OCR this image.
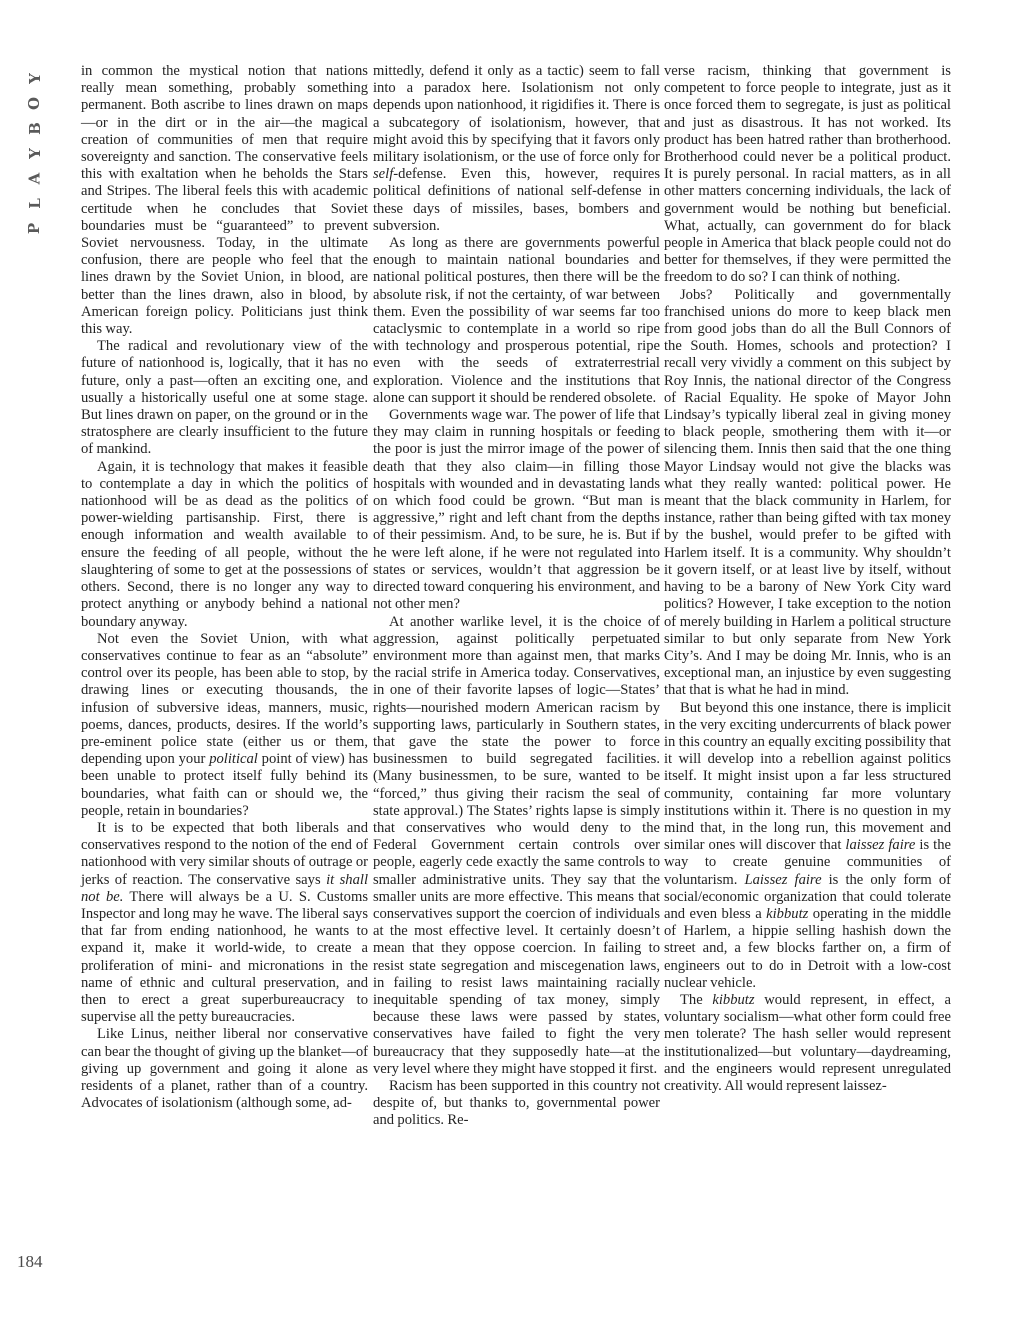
Y
O
B
Y
A
L
P
184

in common the mystical notion that nations really mean something, probably something permanent. Both ascribe to lines drawn on maps—or in the dirt or in the air—the magical creation of communities of men that require sovereignty and sanction. The conservative feels this with exaltation when he beholds the Stars and Stripes. The liberal feels this with academic certitude when he concludes that Soviet boundaries must be “guaranteed” to prevent Soviet nervousness. Today, in the ultimate confusion, there are people who feel that the lines drawn by the Soviet Union, in blood, are better than the lines drawn, also in blood, by American foreign policy. Politicians just think this way.

The radical and revolutionary view of the future of nationhood is, logically, that it has no future, only a past—often an exciting one, and usually a historically useful one at some stage. But lines drawn on paper, on the ground or in the stratosphere are clearly insufficient to the future of mankind.

Again, it is technology that makes it feasible to contemplate a day in which the politics of nationhood will be as dead as the politics of power-wielding partisanship. First, there is enough information and wealth available to ensure the feeding of all people, without the slaughtering of some to get at the possessions of others. Second, there is no longer any way to protect anything or anybody behind a national boundary anyway.

Not even the Soviet Union, with what conservatives continue to fear as an “absolute” control over its people, has been able to stop, by drawing lines or executing thousands, the infusion of subversive ideas, manners, music, poems, dances, products, desires. If the world’s pre-eminent police state (either us or them, depending upon your political point of view) has been unable to protect itself fully behind its boundaries, what faith can or should we, the people, retain in boundaries?

It is to be expected that both liberals and conservatives respond to the notion of the end of nationhood with very similar shouts of outrage or jerks of reaction. The conservative says it shall not be. There will always be a U. S. Customs Inspector and long may he wave. The liberal says that far from ending nationhood, he wants to expand it, make it world-wide, to create a proliferation of mini- and micronations in the name of ethnic and cultural preservation, and then to erect a great superbureaucracy to supervise all the petty bureaucracies.

Like Linus, neither liberal nor conservative can bear the thought of giving up the blanket—of giving up government and going it alone as residents of a planet, rather than of a country. Advocates of isolationism (although some, ad-

mittedly, defend it only as a tactic) seem to fall into a paradox here. Isolationism not only depends upon nationhood, it rigidifies it. There is a subcategory of isolationism, however, that might avoid this by specifying that it favors only military isolationism, or the use of force only for self-defense. Even this, however, requires political definitions of national self-defense in these days of missiles, bases, bombers and subversion.

As long as there are governments powerful enough to maintain national boundaries and national political postures, then there will be the absolute risk, if not the certainty, of war between them. Even the possibility of war seems far too cataclysmic to contemplate in a world so ripe with technology and prosperous potential, ripe even with the seeds of extraterrestrial exploration. Violence and the institutions that alone can support it should be rendered obsolete.

Governments wage war. The power of life that they may claim in running hospitals or feeding the poor is just the mirror image of the power of death that they also claim—in filling those hospitals with wounded and in devastating lands on which food could be grown. “But man is aggressive,” right and left chant from the depths of their pessimism. And, to be sure, he is. But if he were left alone, if he were not regulated into states or services, wouldn’t that aggression be directed toward conquering his environment, and not other men?

At another warlike level, it is the choice of aggression, against politically perpetuated environment more than against men, that marks the racial strife in America today. Conservatives, in one of their favorite lapses of logic—States’ rights—nourished modern American racism by supporting laws, particularly in Southern states, that gave the state the power to force businessmen to build segregated facilities. (Many businessmen, to be sure, wanted to be “forced,” thus giving their racism the seal of state approval.) The States’ rights lapse is simply that conservatives who would deny to the Federal Government certain controls over people, eagerly cede exactly the same controls to smaller administrative units. They say that the smaller units are more effective. This means that conservatives support the coercion of individuals at the most effective level. It certainly doesn’t mean that they oppose coercion. In failing to resist state segregation and miscegenation laws, in failing to resist laws maintaining racially inequitable spending of tax money, simply because these laws were passed by states, conservatives have failed to fight the very bureaucracy that they supposedly hate—at the very level where they might have stopped it first.

Racism has been supported in this country not despite of, but thanks to, governmental power and politics. Re-

verse racism, thinking that government is competent to force people to integrate, just as it once forced them to segregate, is just as political and just as disastrous. It has not worked. Its product has been hatred rather than brotherhood. Brotherhood could never be a political product. It is purely personal. In racial matters, as in all other matters concerning individuals, the lack of government would be nothing but beneficial. What, actually, can government do for black people in America that black people could not do better for themselves, if they were permitted the freedom to do so? I can think of nothing.

Jobs? Politically and governmentally franchised unions do more to keep black men from good jobs than do all the Bull Connors of the South. Homes, schools and protection? I recall very vividly a comment on this subject by Roy Innis, the national director of the Congress of Racial Equality. He spoke of Mayor John Lindsay’s typically liberal zeal in giving money to black people, smothering them with it—or silencing them. Innis then said that the one thing Mayor Lindsay would not give the blacks was what they really wanted: political power. He meant that the black community in Harlem, for instance, rather than being gifted with tax money by the bushel, would prefer to be gifted with Harlem itself. It is a community. Why shouldn’t it govern itself, or at least live by itself, without having to be a barony of New York City ward politics? However, I take exception to the notion of merely building in Harlem a political structure similar to but only separate from New York City’s. And I may be doing Mr. Innis, who is an exceptional man, an injustice by even suggesting that that is what he had in mind.

But beyond this one instance, there is implicit in the very exciting undercurrents of black power in this country an equally exciting possibility that it will develop into a rebellion against politics itself. It might insist upon a far less structured community, containing far more voluntary institutions within it. There is no question in my mind that, in the long run, this movement and similar ones will discover that laissez faire is the way to create genuine communities of voluntarism. Laissez faire is the only form of social/economic organization that could tolerate and even bless a kibbutz operating in the middle of Harlem, a hippie selling hashish down the street and, a few blocks farther on, a firm of engineers out to do in Detroit with a low-cost nuclear vehicle.

The kibbutz would represent, in effect, a voluntary socialism—what other form could free men tolerate? The hash seller would represent institutionalized—but voluntary—daydreaming, and the engineers would represent unregulated creativity. All would represent laissez-
